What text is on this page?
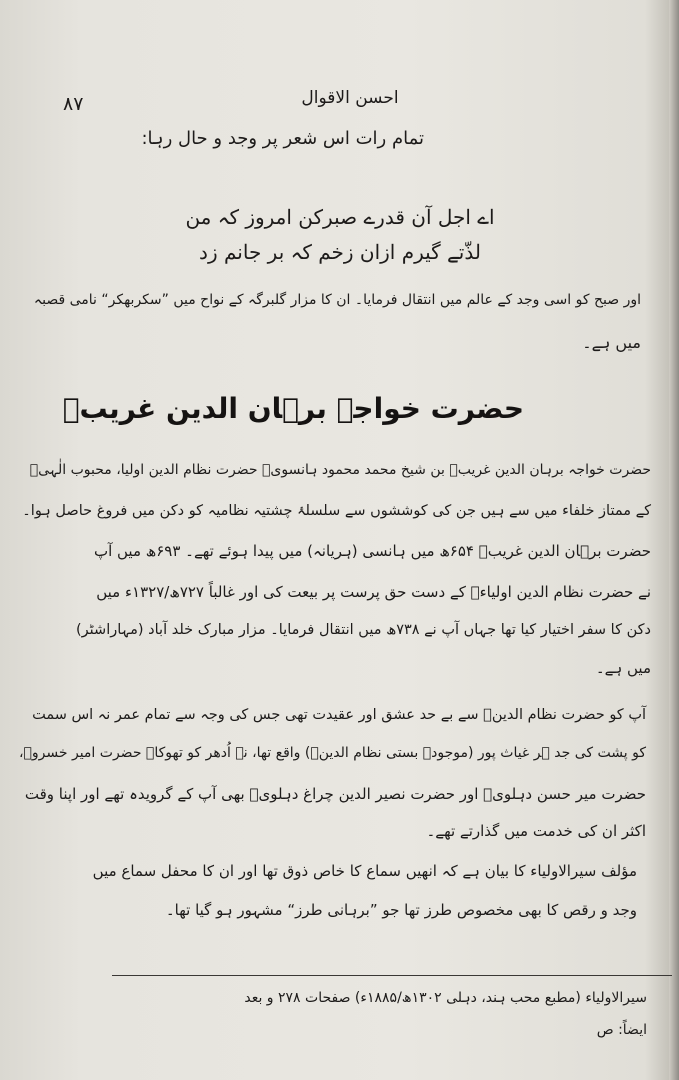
۸۷	احسن الاقوال
تمام رات اس شعر پر وجد و حال رہا:
اے اجل آن قدرے صبرکن امروز کہ من
لذّتے گیرم ازان زخم کہ بر جانم زد
اور صبح کو اسی وجد کے عالم میں انتقال فرمایا۔ ان کا مزار گلبرگہ کے نواح میں ”سکربھکر“ نامی قصبہ
میں ہے۔
حضرت خواجہ برہان الدین غریبؒ
حضرت خواجہ برہان الدین غریبؒ بن شیخ محمد محمود ہانسویؒ حضرت نظام الدین اولیا، محبوب الٰہیؒ
کے ممتاز خلفاء میں سے ہیں جن کی کوششوں سے سلسلۂ چشتیہ نظامیہ کو دکن میں فروغ حاصل ہوا۔
حضرت برہان الدین غریبؒ ۶۵۴ھ میں ہانسی (ہریانہ) میں پیدا ہوئے تھے۔ ۶۹۳ھ میں آپ
نے حضرت نظام الدین اولیاءؒ کے دست حق پرست پر بیعت کی اور غالباً ۷۲۷ھ/۱۳۲۷ء میں
دکن کا سفر اختیار کیا تھا جہاں آپ نے ۷۳۸ھ میں انتقال فرمایا۔ مزار مبارک خلد آباد (مہاراشٹر)
میں ہے۔
آپ کو حضرت نظام الدینؒ سے بے حد عشق اور عقیدت تھی جس کی وجہ سے تمام عمر نہ اس سمت
کو پشت کی جد ہر غیاث پور (موجودہ بستی نظام الدینؒ) واقع تھا، نہ اُدھر کو تھوکا۔ حضرت امیر خسروؒ،
حضرت میر حسن دہلویؒ اور حضرت نصیر الدین چراغ دہلویؒ بھی آپ کے گرویدہ تھے اور اپنا وقت
اکثر ان کی خدمت میں گذارتے تھے۔
مؤلف سیرالاولیاء کا بیان ہے کہ انھیں سماع کا خاص ذوق تھا اور ان کا محفل سماع میں
وجد و رقص کا بھی مخصوص طرز تھا جو ”برہانی طرز“ مشہور ہو گیا تھا۔
سیرالاولیاء (مطبع محب ہند، دہلی ۱۳۰۲ھ/۱۸۸۵ء) صفحات ۲۷۸ و بعد
ایضاً: ص
